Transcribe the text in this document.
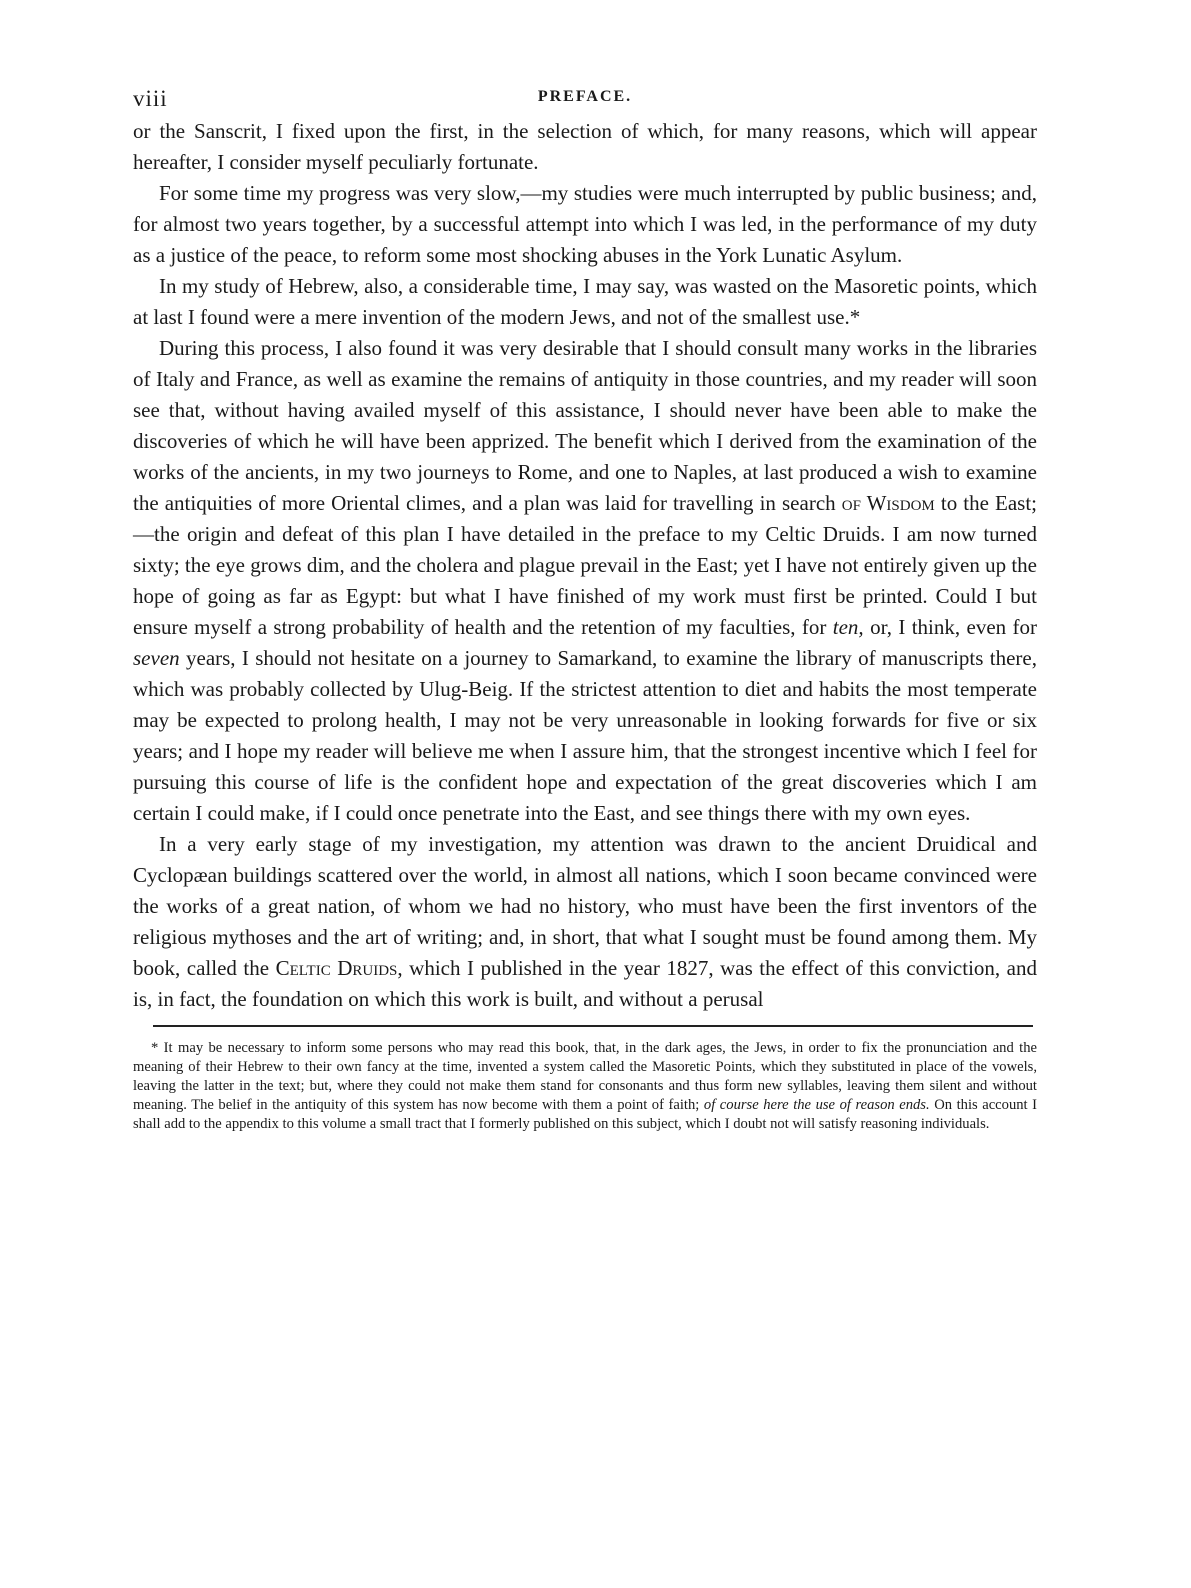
viii	PREFACE.

or the Sanscrit, I fixed upon the first, in the selection of which, for many reasons, which will appear hereafter, I consider myself peculiarly fortunate.

For some time my progress was very slow,—my studies were much interrupted by public business; and, for almost two years together, by a successful attempt into which I was led, in the performance of my duty as a justice of the peace, to reform some most shocking abuses in the York Lunatic Asylum.

In my study of Hebrew, also, a considerable time, I may say, was wasted on the Masoretic points, which at last I found were a mere invention of the modern Jews, and not of the smallest use.*

During this process, I also found it was very desirable that I should consult many works in the libraries of Italy and France, as well as examine the remains of antiquity in those countries, and my reader will soon see that, without having availed myself of this assistance, I should never have been able to make the discoveries of which he will have been apprized. The benefit which I derived from the examination of the works of the ancients, in my two journeys to Rome, and one to Naples, at last produced a wish to examine the antiquities of more Oriental climes, and a plan was laid for travelling in search of Wisdom to the East;—the origin and defeat of this plan I have detailed in the preface to my Celtic Druids. I am now turned sixty; the eye grows dim, and the cholera and plague prevail in the East; yet I have not entirely given up the hope of going as far as Egypt: but what I have finished of my work must first be printed. Could I but ensure myself a strong probability of health and the retention of my faculties, for ten, or, I think, even for seven years, I should not hesitate on a journey to Samarkand, to examine the library of manuscripts there, which was probably collected by Ulug-Beig. If the strictest attention to diet and habits the most temperate may be expected to prolong health, I may not be very unreasonable in looking forwards for five or six years; and I hope my reader will believe me when I assure him, that the strongest incentive which I feel for pursuing this course of life is the confident hope and expectation of the great discoveries which I am certain I could make, if I could once penetrate into the East, and see things there with my own eyes.

In a very early stage of my investigation, my attention was drawn to the ancient Druidical and Cyclopæan buildings scattered over the world, in almost all nations, which I soon became convinced were the works of a great nation, of whom we had no history, who must have been the first inventors of the religious mythoses and the art of writing; and, in short, that what I sought must be found among them. My book, called the Celtic Druids, which I published in the year 1827, was the effect of this conviction, and is, in fact, the foundation on which this work is built, and without a perusal

* It may be necessary to inform some persons who may read this book, that, in the dark ages, the Jews, in order to fix the pronunciation and the meaning of their Hebrew to their own fancy at the time, invented a system called the Masoretic Points, which they substituted in place of the vowels, leaving the latter in the text; but, where they could not make them stand for consonants and thus form new syllables, leaving them silent and without meaning. The belief in the antiquity of this system has now become with them a point of faith; of course here the use of reason ends. On this account I shall add to the appendix to this volume a small tract that I formerly published on this subject, which I doubt not will satisfy reasoning individuals.
